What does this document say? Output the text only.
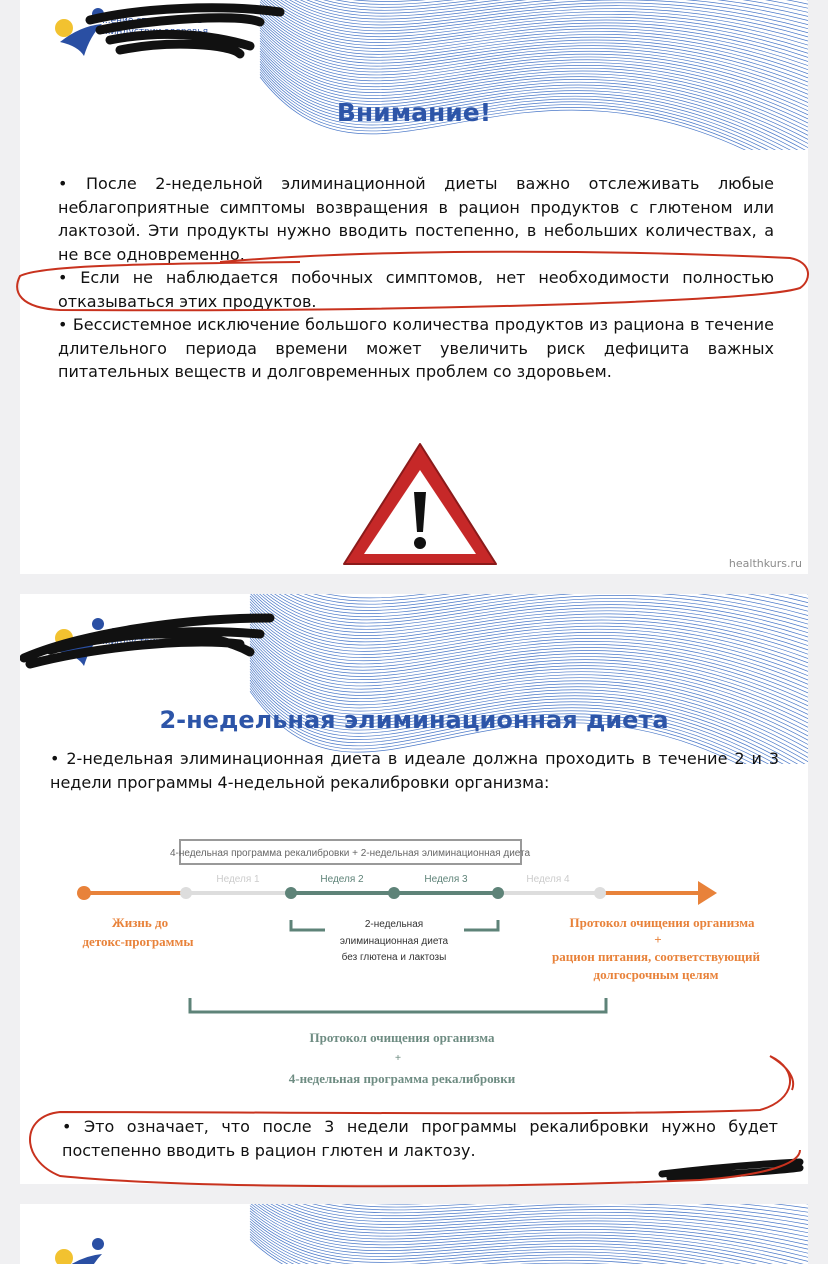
...ение специалистов
...индустрии здоровья
Внимание!

• После 2-недельной элиминационной диеты важно отслеживать любые неблагоприятные симптомы возвращения в рацион продуктов с глютеном или лактозой. Эти продукты нужно вводить постепенно, в небольших количествах, а не все одновременно.

• Если не наблюдается побочных симптомов, нет необходимости полностью отказываться этих продуктов.

• Бессистемное исключение большого количества продуктов из рациона в течение длительного периода времени может увеличить риск дефицита важных питательных веществ и долговременных проблем со здоровьем.

healthkurs.ru
...ение специалистов
...индустрии здоровья
2-недельная элиминационная диета

• 2-недельная элиминационная диета в идеале должна проходить в течение 2 и 3 недели программы 4-недельной рекалибровки организма:

4-недельная программа рекалибровки + 2-недельная элиминационная диета
Неделя 1	Неделя 2	Неделя 3	Неделя 4
2-недельная
элиминационная диета
без глютена и лактозы
Жизнь до
детокс-программы
Протокол очищения организма
+
рацион питания, соответствующий
долгосрочным целям
Протокол очищения организма
+
4-недельная программа рекалибровки
• Это означает, что после 3 недели программы рекалибровки нужно будет постепенно вводить в рацион глютен и лактозу.
